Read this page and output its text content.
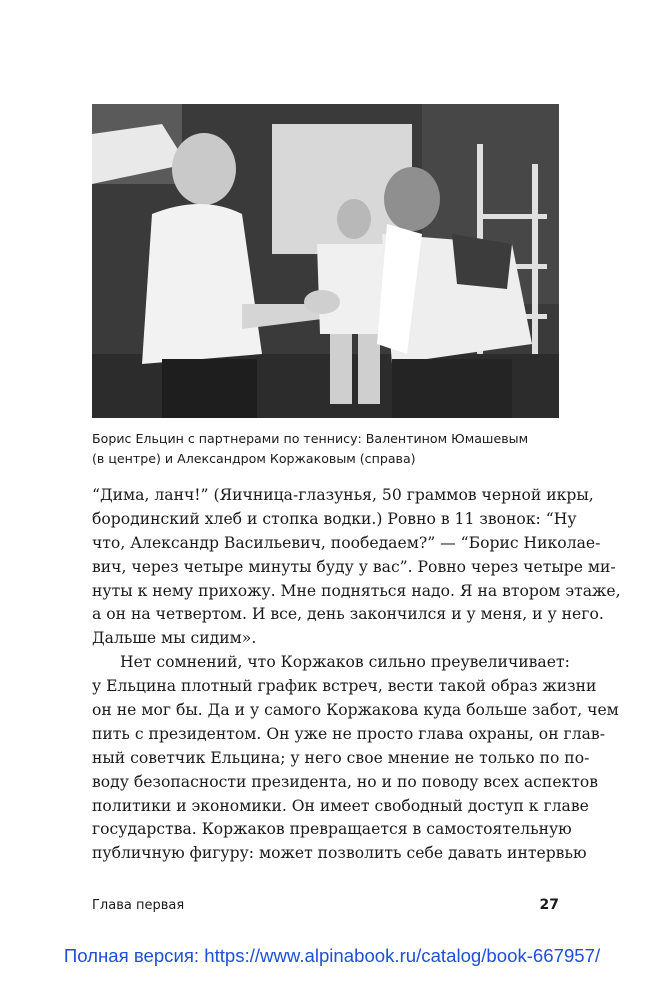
Борис Ельцин с партнерами по теннису: Валентином Юмашевым
(в центре) и Александром Коржаковым (справа)
“Дима, ланч!” (Яичница-глазунья, 50 граммов черной икры,
бородинский хлеб и стопка водки.) Ровно в 11 звонок: “Ну
что, Александр Васильевич, пообедаем?” — “Борис Николае-
вич, через четыре минуты буду у вас”. Ровно через четыре ми-
нуты к нему прихожу. Мне подняться надо. Я на втором этаже,
а он на четвертом. И все, день закончился и у меня, и у него.
Дальше мы сидим».
Нет сомнений, что Коржаков сильно преувеличивает:
у Ельцина плотный график встреч, вести такой образ жизни
он не мог бы. Да и у самого Коржакова куда больше забот, чем
пить с президентом. Он уже не просто глава охраны, он глав-
ный советчик Ельцина; у него свое мнение не только по по-
воду безопасности президента, но и по поводу всех аспектов
политики и экономики. Он имеет свободный доступ к главе
государства. Коржаков превращается в самостоятельную
публичную фигуру: может позволить себе давать интервью
Глава первая	27
Полная версия: https://www.alpinabook.ru/catalog/book-667957/
